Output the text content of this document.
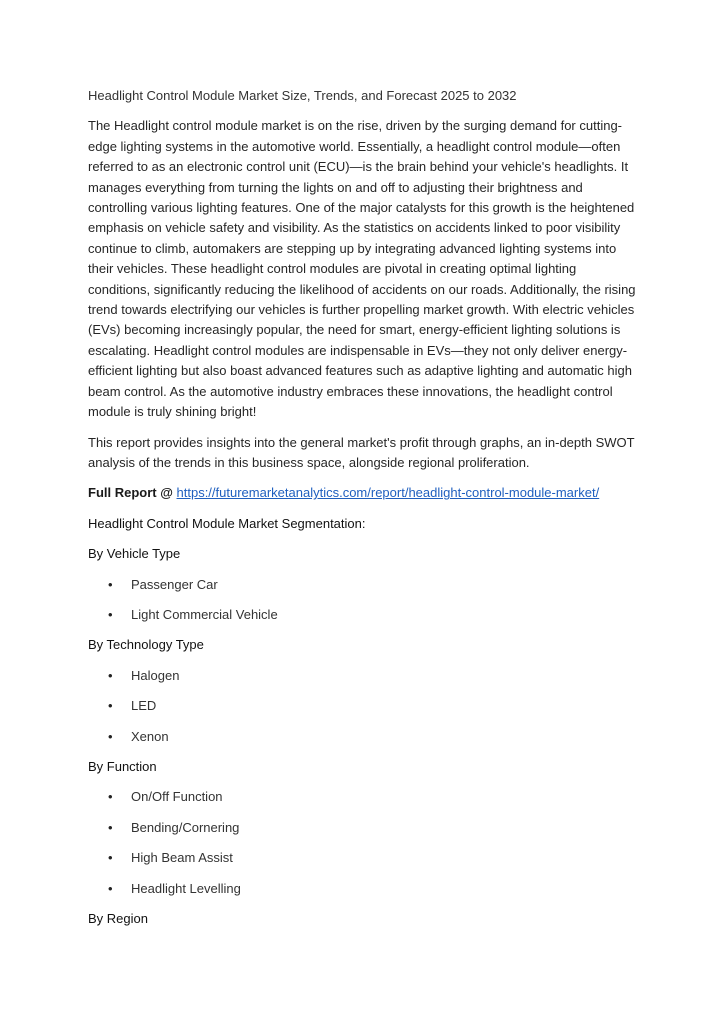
Headlight Control Module Market Size, Trends, and Forecast 2025 to 2032

The Headlight control module market is on the rise, driven by the surging demand for cutting-edge lighting systems in the automotive world. Essentially, a headlight control module—often referred to as an electronic control unit (ECU)—is the brain behind your vehicle's headlights. It manages everything from turning the lights on and off to adjusting their brightness and controlling various lighting features. One of the major catalysts for this growth is the heightened emphasis on vehicle safety and visibility. As the statistics on accidents linked to poor visibility continue to climb, automakers are stepping up by integrating advanced lighting systems into their vehicles. These headlight control modules are pivotal in creating optimal lighting conditions, significantly reducing the likelihood of accidents on our roads. Additionally, the rising trend towards electrifying our vehicles is further propelling market growth. With electric vehicles (EVs) becoming increasingly popular, the need for smart, energy-efficient lighting solutions is escalating. Headlight control modules are indispensable in EVs—they not only deliver energy-efficient lighting but also boast advanced features such as adaptive lighting and automatic high beam control. As the automotive industry embraces these innovations, the headlight control module is truly shining bright!

This report provides insights into the general market's profit through graphs, an in-depth SWOT analysis of the trends in this business space, alongside regional proliferation.

Full Report @ https://futuremarketanalytics.com/report/headlight-control-module-market/

Headlight Control Module Market Segmentation:

By Vehicle Type

• Passenger Car
• Light Commercial Vehicle

By Technology Type

• Halogen
• LED
• Xenon

By Function

• On/Off Function
• Bending/Cornering
• High Beam Assist
• Headlight Levelling

By Region
